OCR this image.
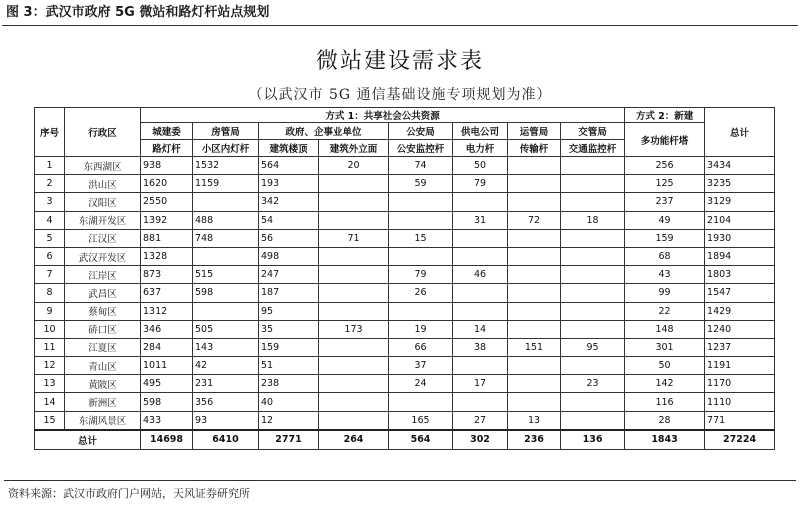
图 3：武汉市政府 5G 微站和路灯杆站点规划
微站建设需求表
（以武汉市 5G 通信基础设施专项规划为准）
序号	行政区	方式 1：共享社会公共资源								方式 2：新建	总计
		城建委	房管局	政府、企事业单位		公安局	供电公司	运管局	交管局	多功能杆塔	
		路灯杆	小区内灯杆	建筑楼顶	建筑外立面	公安监控杆	电力杆	传输杆	交通监控杆		
1	东西湖区	938	1532	564	20	74	50			256	3434
2	洪山区	1620	1159	193		59	79			125	3235
3	汉阳区	2550		342						237	3129
4	东湖开发区	1392	488	54			31	72	18	49	2104
5	江汉区	881	748	56	71	15				159	1930
6	武汉开发区	1328		498						68	1894
7	江岸区	873	515	247		79	46			43	1803
8	武昌区	637	598	187		26				99	1547
9	蔡甸区	1312		95						22	1429
10	硚口区	346	505	35	173	19	14			148	1240
11	江夏区	284	143	159		66	38	151	95	301	1237
12	青山区	1011	42	51		37				50	1191
13	黄陂区	495	231	238		24	17		23	142	1170
14	新洲区	598	356	40						116	1110
15	东湖风景区	433	93	12		165	27	13		28	771
总计		14698	6410	2771	264	564	302	236	136	1843	27224
资料来源：武汉市政府门户网站，天风证券研究所
